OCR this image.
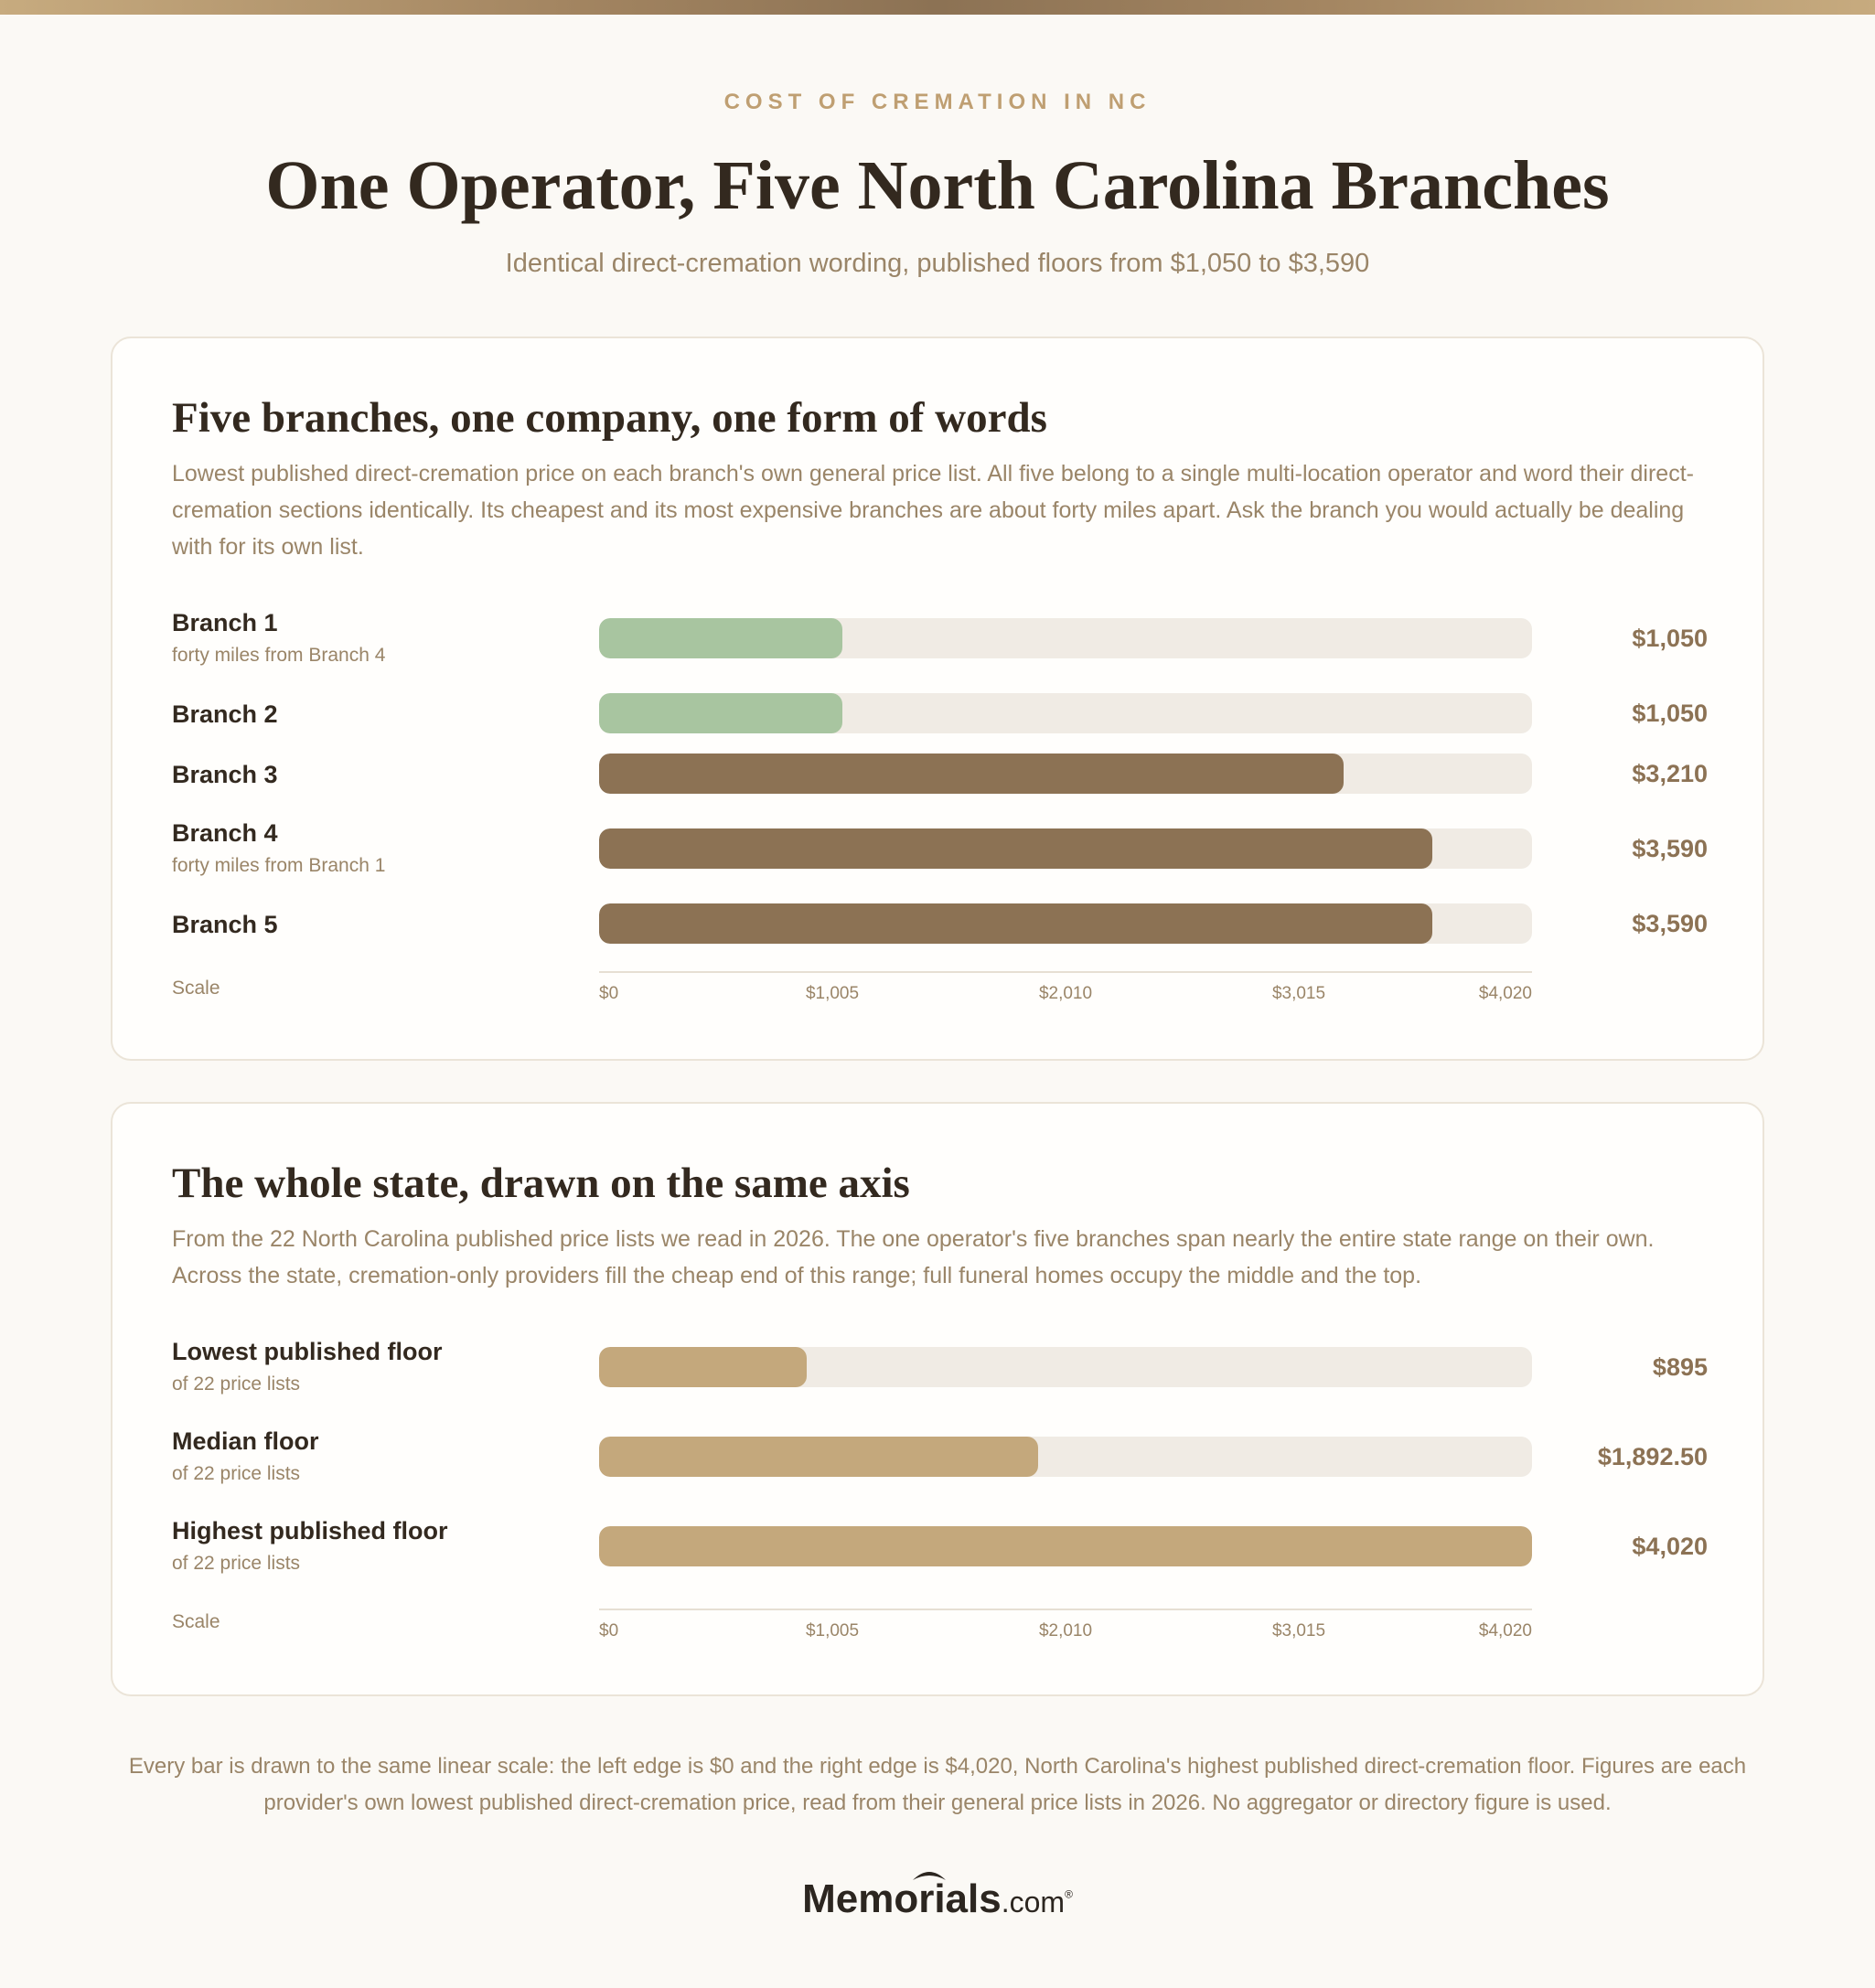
COST OF CREMATION IN NC
One Operator, Five North Carolina Branches
Identical direct-cremation wording, published floors from $1,050 to $3,590
Five branches, one company, one form of words

Lowest published direct-cremation price on each branch's own general price list. All five belong to a single multi-location operator and word their direct-cremation sections identically. Its cheapest and its most expensive branches are about forty miles apart. Ask the branch you would actually be dealing with for its own list.

Branch 1
forty miles from Branch 4
$1,050
Branch 2	$1,050
Branch 3	$3,210
Branch 4
forty miles from Branch 1
$3,590
Branch 5	$3,590
Scale	$0	$1,005	$2,010	$3,015	$4,020
The whole state, drawn on the same axis

From the 22 North Carolina published price lists we read in 2026. The one operator's five branches span nearly the entire state range on their own. Across the state, cremation-only providers fill the cheap end of this range; full funeral homes occupy the middle and the top.

Lowest published floor
of 22 price lists
$895
Median floor
of 22 price lists
$1,892.50
Highest published floor
of 22 price lists
$4,020
Scale	$0	$1,005	$2,010	$3,015	$4,020

Every bar is drawn to the same linear scale: the left edge is $0 and the right edge is $4,020, North Carolina's highest published direct-cremation floor. Figures are each provider's own lowest published direct-cremation price, read from their general price lists in 2026. No aggregator or directory figure is used.

Memorials.com®
